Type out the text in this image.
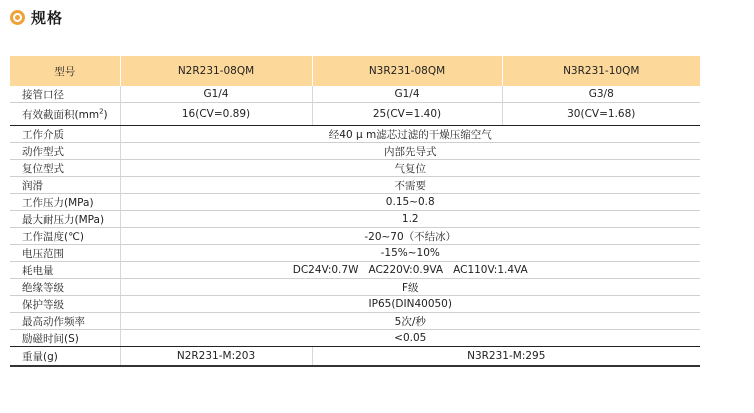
规格
型号	N2R231-08QM	N3R231-08QM	N3R231-10QM
接管口径	G1/4	G1/4	G3/8
有效截面积$(mm^2)$	16(CV=0.89)	25(CV=1.40)	30(CV=1.68)
工作介质	经40 μ m滤芯过滤的干燥压缩空气		
动作型式	内部先导式		
复位型式	气复位		
润滑	不需要		
工作压力(MPa)	0.15~0.8		
最大耐压力(MPa)	1.2		
工作温度(℃)	-20~70（不结冰）		
电压范围	-15%~10%		
耗电量	DC24V:0.7W   AC220V:0.9VA   AC110V:1.4VA		
绝缘等级	F级		
保护等级	IP65(DIN40050)		
最高动作频率	5次/秒		
励磁时间(S)	<0.05		
重量(g)	N2R231-M:203	N3R231-M:295	
